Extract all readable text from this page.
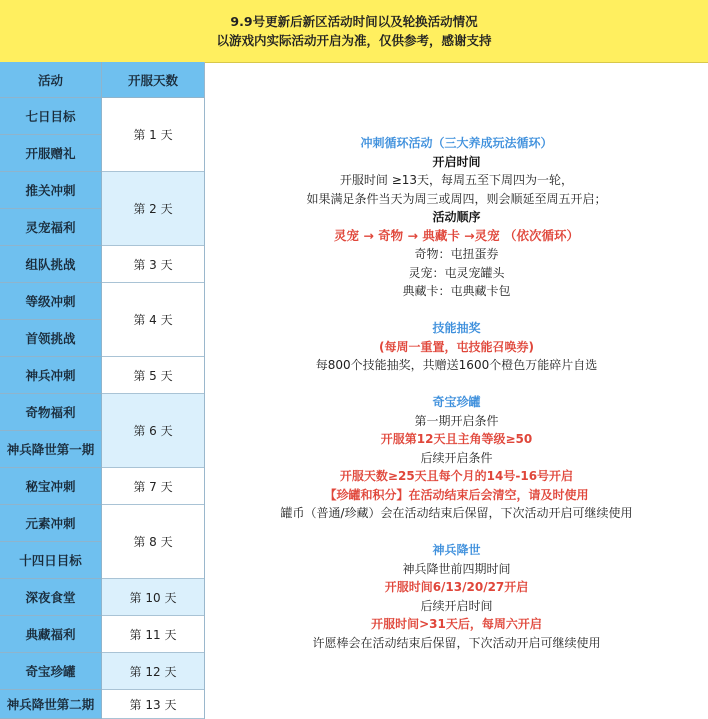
9.9号更新后新区活动时间以及轮换活动情况
以游戏内实际活动开启为准，仅供参考，感谢支持
活动	开服天数
七日目标
开服赠礼
推关冲刺
灵宠福利
组队挑战
等级冲刺
首领挑战
神兵冲刺
奇物福利
神兵降世第一期
秘宝冲刺
元素冲刺
十四日目标
深夜食堂
典藏福利
奇宝珍罐
神兵降世第二期
第 1 天
第 2 天
第 3 天
第 4 天
第 5 天
第 6 天
第 7 天
第 8 天
第 10 天
第 11 天
第 12 天
第 13 天
冲刺循环活动（三大养成玩法循环）
开启时间
开服时间 ≥13天，每周五至下周四为一轮，
如果满足条件当天为周三或周四，则会顺延至周五开启；
活动顺序
灵宠 → 奇物 → 典藏卡 →灵宠 （依次循环）
奇物：屯扭蛋券
灵宠：屯灵宠罐头
典藏卡：屯典藏卡包
技能抽奖
(每周一重置，屯技能召唤券)
每800个技能抽奖，共赠送1600个橙色万能碎片自选
奇宝珍罐
第一期开启条件
开服第12天且主角等级≥50
后续开启条件
开服天数≥25天且每个月的14号-16号开启
【珍罐和积分】在活动结束后会清空，请及时使用
罐币（普通/珍藏）会在活动结束后保留，下次活动开启可继续使用
神兵降世
神兵降世前四期时间
开服时间6/13/20/27开启
后续开启时间
开服时间>31天后，每周六开启
许愿棒会在活动结束后保留，下次活动开启可继续使用
